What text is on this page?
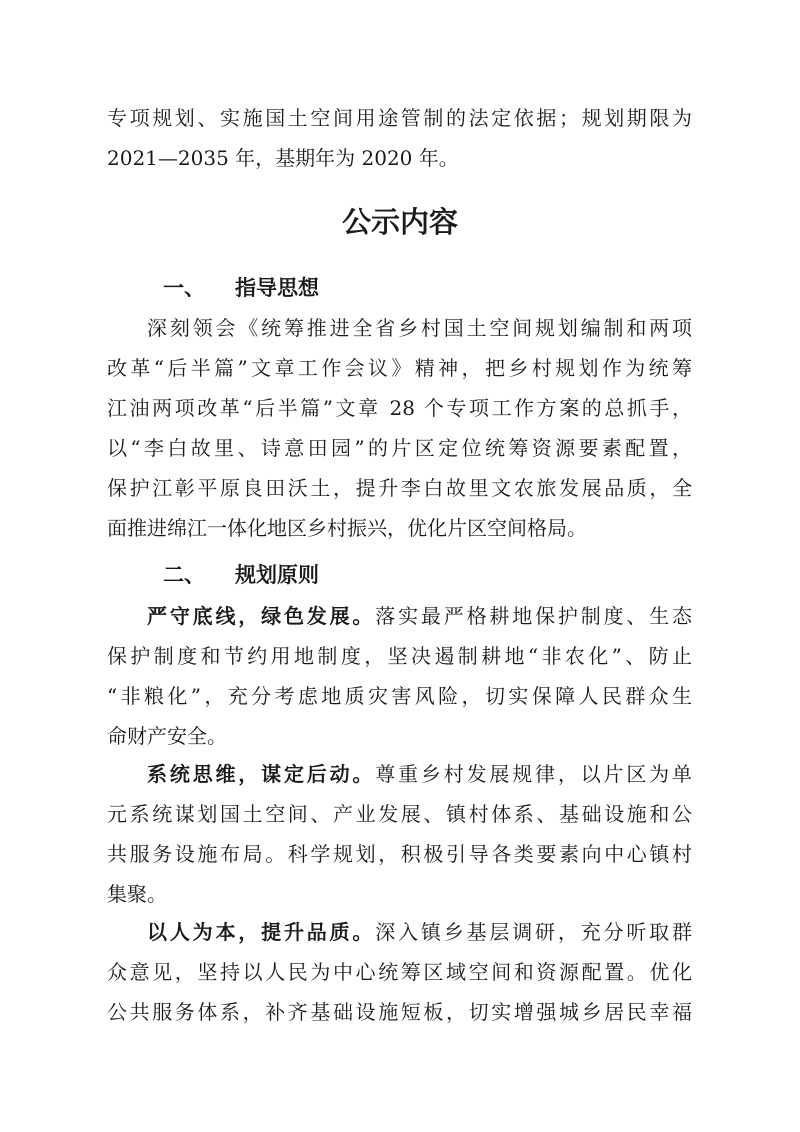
专项规划、实施国土空间用途管制的法定依据；规划期限为
2021—2035 年，基期年为 2020 年。
公示内容
一、 指导思想
深刻领会《统筹推进全省乡村国土空间规划编制和两项
改革“后半篇”文章工作会议》精神，把乡村规划作为统筹
江油两项改革“后半篇”文章 28 个专项工作方案的总抓手，
以“李白故里、诗意田园”的片区定位统筹资源要素配置，
保护江彰平原良田沃土，提升李白故里文农旅发展品质，全
面推进绵江一体化地区乡村振兴，优化片区空间格局。
二、 规划原则
严守底线，绿色发展。落实最严格耕地保护制度、生态
保护制度和节约用地制度，坚决遏制耕地“非农化”、防止
“非粮化”，充分考虑地质灾害风险，切实保障人民群众生
命财产安全。
系统思维，谋定后动。尊重乡村发展规律，以片区为单
元系统谋划国土空间、产业发展、镇村体系、基础设施和公
共服务设施布局。科学规划，积极引导各类要素向中心镇村
集聚。
以人为本，提升品质。深入镇乡基层调研，充分听取群
众意见，坚持以人民为中心统筹区域空间和资源配置。优化
公共服务体系，补齐基础设施短板，切实增强城乡居民幸福
